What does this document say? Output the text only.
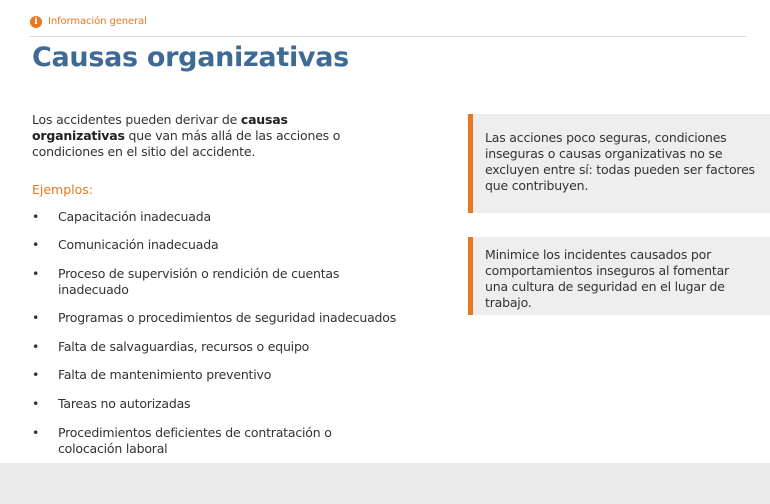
i	Información general
Causas organizativas

Los accidentes pueden derivar de causas organizativas que van más allá de las acciones o condiciones en el sitio del accidente.

Ejemplos:
• Capacitación inadecuada
• Comunicación inadecuada
• Proceso de supervisión o rendición de cuentas inadecuado
• Programas o procedimientos de seguridad inadecuados
• Falta de salvaguardias, recursos o equipo
• Falta de mantenimiento preventivo
• Tareas no autorizadas
• Procedimientos deficientes de contratación o colocación laboral
Las acciones poco seguras, condiciones inseguras o causas organizativas no se excluyen entre sí: todas pueden ser factores que contribuyen.
Minimice los incidentes causados por comportamientos inseguros al fomentar una cultura de seguridad en el lugar de trabajo.
